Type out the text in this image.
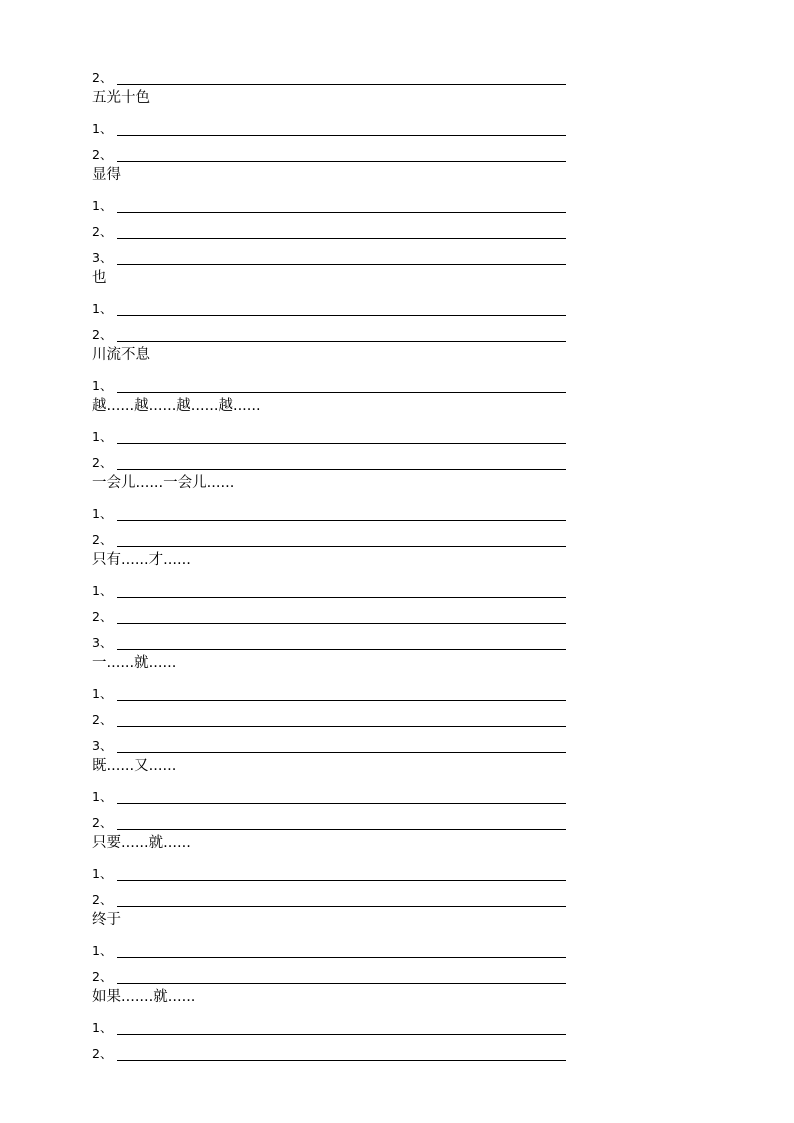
2、
五光十色
1、
2、
显得
1、
2、
3、
也
1、
2、
川流不息
1、
越......越......越......越......
1、
2、
一会儿......一会儿......
1、
2、
只有......才......
1、
2、
3、
一......就......
1、
2、
3、
既......又......
1、
2、
只要......就......
1、
2、
终于
1、
2、
如果.......就......
1、
2、
